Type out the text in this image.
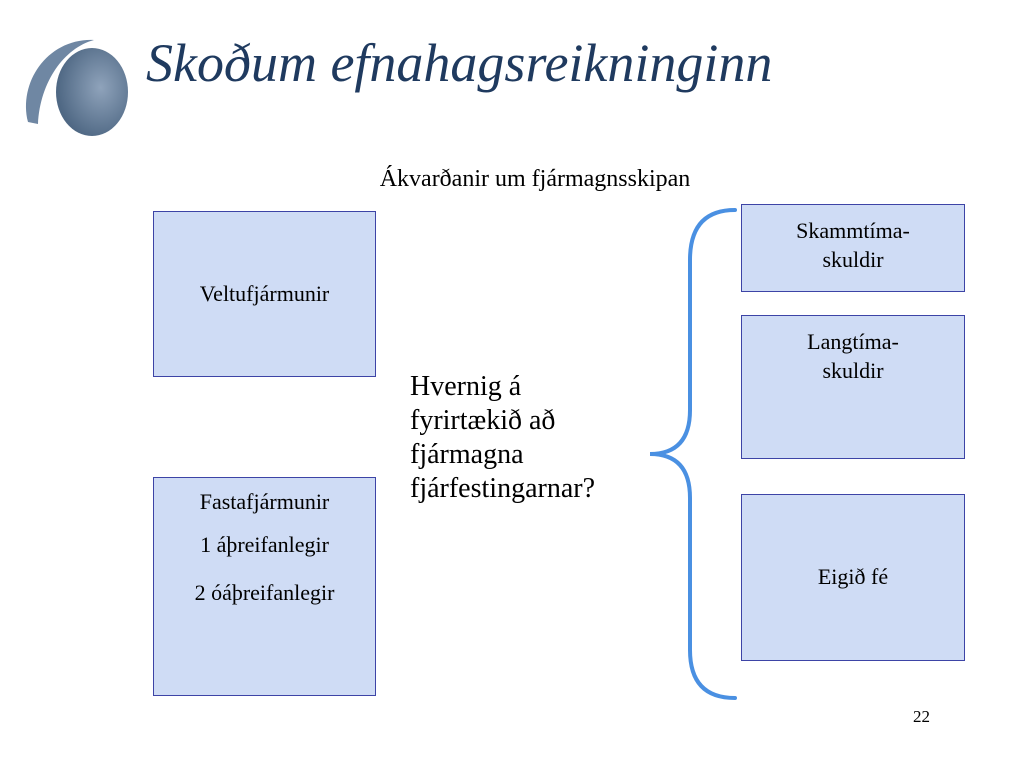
Skoðum efnahagsreikninginn
Ákvarðanir um fjármagnsskipan
Veltufjármunir
Fastafjármunir
1 áþreifanlegir
2 óáþreifanlegir
Hvernig á
fyrirtækið að
fjármagna
fjárfestingarnar?
Skammtíma-
skuldir
Langtíma-
skuldir
Eigið fé
22
